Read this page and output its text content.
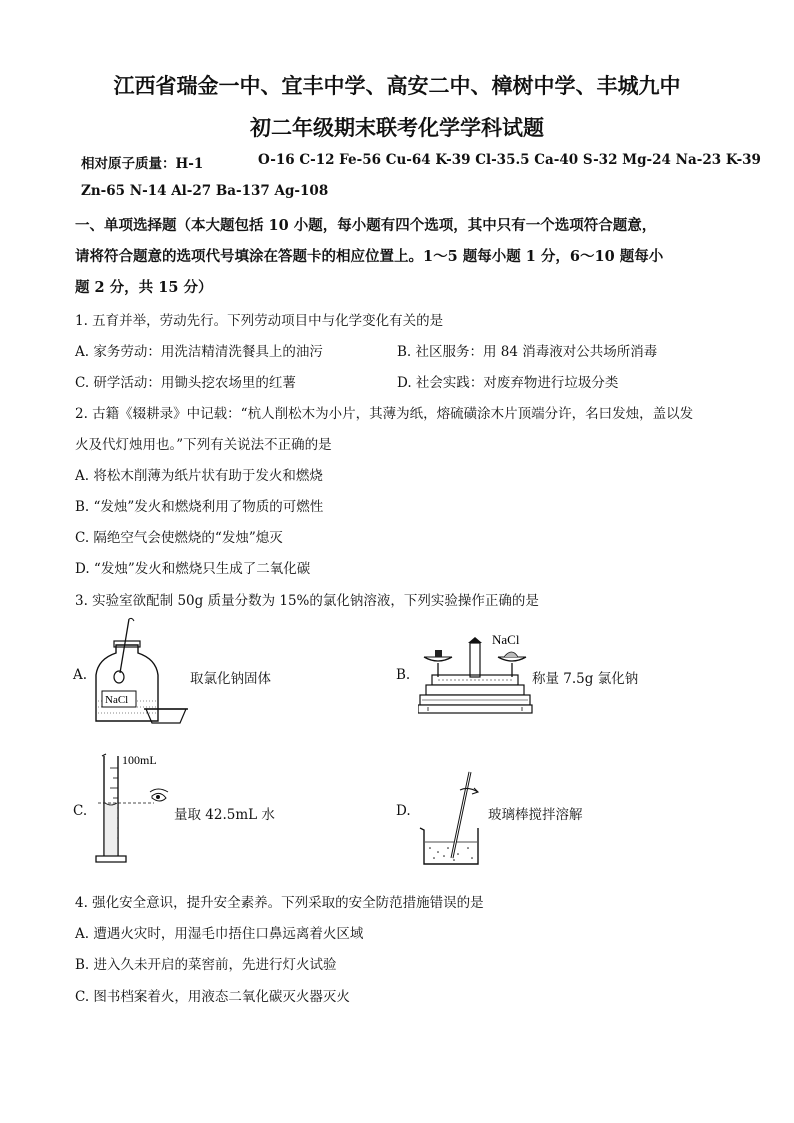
江西省瑞金一中、宜丰中学、高安二中、樟树中学、丰城九中
初二年级期末联考化学学科试题
相对原子质量：H-1	O-16 C-12 Fe-56 Cu-64 K-39 Cl-35.5 Ca-40 S-32 Mg-24 Na-23 K-39
Zn-65 N-14 Al-27 Ba-137 Ag-108
一、单项选择题（本大题包括 10 小题，每小题有四个选项，其中只有一个选项符合题意，
请将符合题意的选项代号填涂在答题卡的相应位置上。1～5 题每小题 1 分，6～10 题每小
题 2 分，共 15 分）
1. 五育并举，劳动先行。下列劳动项目中与化学变化有关的是
A. 家务劳动：用洗洁精清洗餐具上的油污	B. 社区服务：用 84 消毒液对公共场所消毒
C. 研学活动：用锄头挖农场里的红薯	D. 社会实践：对废弃物进行垃圾分类
2. 古籍《辍耕录》中记载：“杭人削松木为小片，其薄为纸，熔硫磺涂木片顶端分许，名曰发烛，盖以发
火及代灯烛用也。”下列有关说法不正确的是
A. 将松木削薄为纸片状有助于发火和燃烧
B. “发烛”发火和燃烧利用了物质的可燃性
C. 隔绝空气会使燃烧的“发烛”熄灭
D. “发烛”发火和燃烧只生成了二氧化碳
3. 实验室欲配制 50g 质量分数为 15%的氯化钠溶液，下列实验操作正确的是
A.
NaCl
取氯化钠固体	B.
NaCl
称量 7.5g 氯化钠
C.
100mL
量取 42.5mL 水	D.	玻璃棒搅拌溶解
4. 强化安全意识，提升安全素养。下列采取的安全防范措施错误的是
A. 遭遇火灾时，用湿毛巾捂住口鼻远离着火区域
B. 进入久未开启的菜窖前，先进行灯火试验
C. 图书档案着火，用液态二氧化碳灭火器灭火
